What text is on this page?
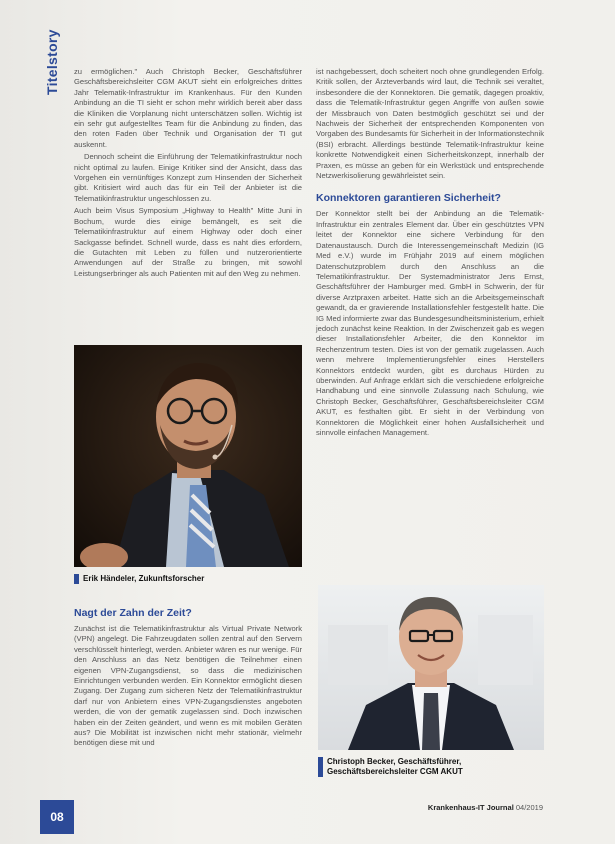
Titelstory zu ermöglichen." Auch Christoph Becker, Geschäftsführer Geschäftsbereichsleiter CGM AKUT sieht ein erfolgreiches drittes Jahr Telematik-Infrastruktur im Krankenhaus. Für den Kunden Anbindung an die TI sieht er schon mehr wirklich bereit aber dass die Kliniken die Vorplanung nicht unterschätzen sollen. Wichtig ist ein sehr gut aufgestelltes Team für die Anbindung zu finden, das den roten Faden über Technik und Organisation der TI gut auskennt.

Dennoch scheint die Einführung der Telematikinfrastruktur noch nicht optimal zu laufen. Einige Kritiker sind der Ansicht, dass das Vorgehen ein vernünftiges Konzept zum Hinsenden der Sicherheit gibt. Kritisiert wird auch das für ein Teil der Anbieter ist die Telematikinfrastruktur ungeschlossen zu.

Auch beim Visus Symposium „Highway to Health" Mitte Juni in Bochum, wurde dies einige bemängelt, es seit die Telematikinfrastruktur auf einem Highway oder doch einer Sackgasse befindet. Schnell wurde, dass es naht dies erfordern, die Gutachten mit Leben zu füllen und nutzerorientierte Anwendungen auf der Straße zu bringen, mit sowohl Leistungserbringer als auch Patienten mit auf den Weg zu nehmen.

Erik Händeler, Zukunftsforscher
Nagt der Zahn der Zeit?

Zunächst ist die Telematikinfrastruktur als Virtual Private Network (VPN) angelegt. Die Fahrzeugdaten sollen zentral auf den Servern verschlüsselt hinterlegt, werden. Anbieter wären es nur wenige. Für den Anschluss an das Netz benötigen die Teilnehmer einen eigenen VPN-Zugangsdienst, so dass die medizinischen Einrichtungen verbunden werden. Ein Konnektor ermöglicht diesen Zugang. Der Zugang zum sicheren Netz der Telematikinfrastruktur darf nur von Anbietern eines VPN-Zugangsdienstes angeboten werden, die von der gematik zugelassen sind. Doch inzwischen haben ein der Zeiten geändert, und wenn es mit mobilen Geräten aus? Die Mobilität ist inzwischen nicht mehr stationär, vielmehr benötigen diese mit und

ist nachgebessert, doch scheitert noch ohne grundlegenden Erfolg. Kritik sollen, der Ärzteverbands wird laut, die Technik sei veraltet, insbesondere die der Konnektoren. Die gematik, dagegen proaktiv, dass die Telematik-Infrastruktur gegen Angriffe von außen sowie der Missbrauch von Daten bestmöglich geschützt sei und der Nachweis der Sicherheit der entsprechenden Komponenten von Vorgaben des Bundesamts für Sicherheit in der Informationstechnik (BSI) erbracht. Allerdings bestünde Telematik-Infrastruktur keine konkrette Notwendigkeit einen Sicherheitskonzept, innerhalb der Praxen, es müsse an geben für ein Werkstück und entsprechende Netzwerkisolierung gewährleistet sein.

Konnektoren garantieren Sicherheit?

Der Konnektor stellt bei der Anbindung an die Telematik-Infrastruktur ein zentrales Element dar. Über ein geschütztes VPN leitet der Konnektor eine sichere Verbindung für den Datenaustausch. Durch die Interessengemeinschaft Medizin (IG Med e.V.) wurde im Frühjahr 2019 auf einem möglichen Datenschutzproblem durch den Anschluss an die Telematikinfrastruktur. Der Systemadministrator Jens Ernst, Geschäftsführer der Hamburger med. GmbH in Schwerin, der für diverse Arztpraxen arbeitet. Hatte sich an die Arbeitsgemeinschaft gewandt, da er gravierende Installationsfehler festgestellt hatte. Die IG Med informierte zwar das Bundesgesundheitsministerium, erhielt jedoch zunächst keine Reaktion. In der Zwischenzeit gab es wegen dieser Installationsfehler Arbeiter, die den Konnektor im Rechenzentrum testen. Dies ist von der gematik zugelassen. Auch wenn mehrere Implementierungsfehler eines Herstellers Konnektors entdeckt wurden, gibt es durchaus Hürden zu überwinden. Auf Anfrage erklärt sich die verschiedene erfolgreiche Handhabung und eine sinnvolle Zulassung nach Schulung, wie Christoph Becker, Geschäftsführer, Geschäftsbereichsleiter CGM AKUT, es festhalten gibt. Er sieht in der Verbindung von Konnektoren die Möglichkeit einer hohen Ausfallsicherheit und sinnvolle einfachen Management.

Christoph Becker, Geschäftsführer,
Geschäftsbereichsleiter CGM AKUT
08
Krankenhaus-IT Journal 04/2019
